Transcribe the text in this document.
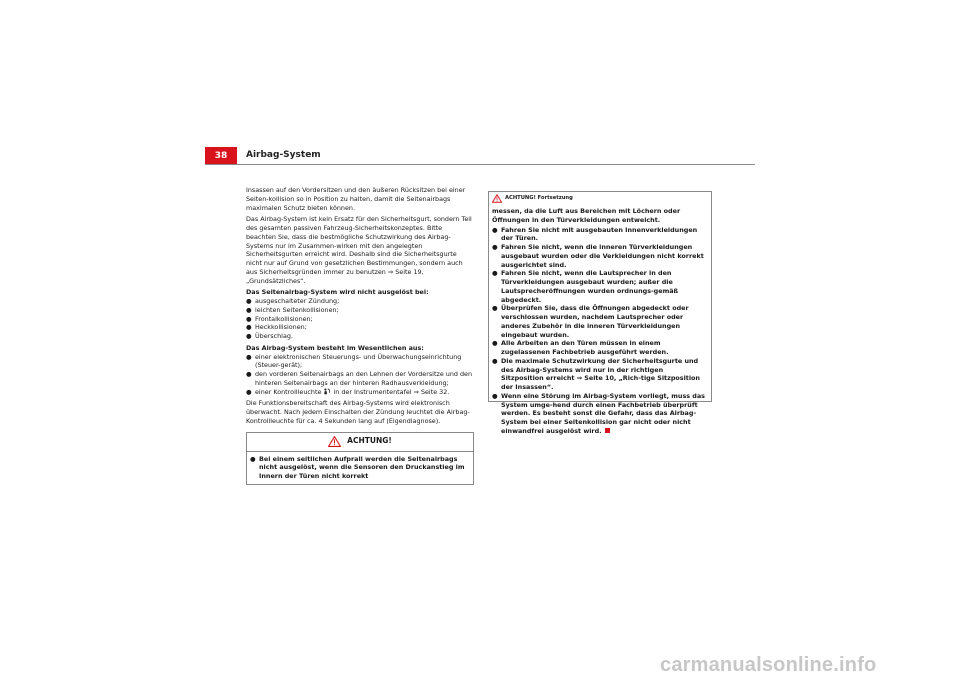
38	Airbag-System

Insassen auf den Vordersitzen und den äußeren Rücksitzen bei einer Seiten-kollision so in Position zu halten, damit die Seitenairbags maximalen Schutz bieten können.

Das Airbag-System ist kein Ersatz für den Sicherheitsgurt, sondern Teil des gesamten passiven Fahrzeug-Sicherheitskonzeptes. Bitte beachten Sie, dass die bestmögliche Schutzwirkung des Airbag-Systems nur im Zusammen-wirken mit den angelegten Sicherheitsgurten erreicht wird. Deshalb sind die Sicherheitsgurte nicht nur auf Grund von gesetzlichen Bestimmungen, sondern auch aus Sicherheitsgründen immer zu benutzen ⇒ Seite 19, „Grundsätzliches“.

Das Seitenairbag-System wird nicht ausgelöst bei:

● ausgeschalteter Zündung;
● leichten Seitenkollisionen;
● Frontalkollisionen;
● Heckkollisionen;
● Überschlag.

Das Airbag-System besteht im Wesentlichen aus:

● einer elektronischen Steuerungs- und Überwachungseinrichtung (Steuer-gerät);
● den vorderen Seitenairbags an den Lehnen der Vordersitze und den hinteren Seitenairbags an der hinteren Radhausverkleidung;
● einer Kontrollleuchte in der Instrumententafel ⇒ Seite 32.

Die Funktionsbereitschaft des Airbag-Systems wird elektronisch überwacht. Nach jedem Einschalten der Zündung leuchtet die Airbag-Kontrollleuchte für ca. 4 Sekunden lang auf (Eigendiagnose).

ACHTUNG!
● Bei einem seitlichen Aufprall werden die Seitenairbags nicht ausgelöst, wenn die Sensoren den Druckanstieg im Innern der Türen nicht korrekt
ACHTUNG! Fortsetzung

messen, da die Luft aus Bereichen mit Löchern oder Öffnungen in den Türverkleidungen entweicht.

● Fahren Sie nicht mit ausgebauten Innenverkleidungen der Türen.
● Fahren Sie nicht, wenn die inneren Türverkleidungen ausgebaut wurden oder die Verkleidungen nicht korrekt ausgerichtet sind.
● Fahren Sie nicht, wenn die Lautsprecher in den Türverkleidungen ausgebaut wurden; außer die Lautsprecheröffnungen wurden ordnungs-gemäß abgedeckt.
● Überprüfen Sie, dass die Öffnungen abgedeckt oder verschlossen wurden, nachdem Lautsprecher oder anderes Zubehör in die inneren Türverkleidungen eingebaut wurden.
● Alle Arbeiten an den Türen müssen in einem zugelassenen Fachbetrieb ausgeführt werden.
● Die maximale Schutzwirkung der Sicherheitsgurte und des Airbag-Systems wird nur in der richtigen Sitzposition erreicht ⇒ Seite 10, „Rich-tige Sitzposition der Insassen“.
● Wenn eine Störung im Airbag-System vorliegt, muss das System umge-hend durch einen Fachbetrieb überprüft werden. Es besteht sonst die Gefahr, dass das Airbag-System bei einer Seitenkollision gar nicht oder nicht einwandfrei ausgelöst wird.
carmanualsonline.info
